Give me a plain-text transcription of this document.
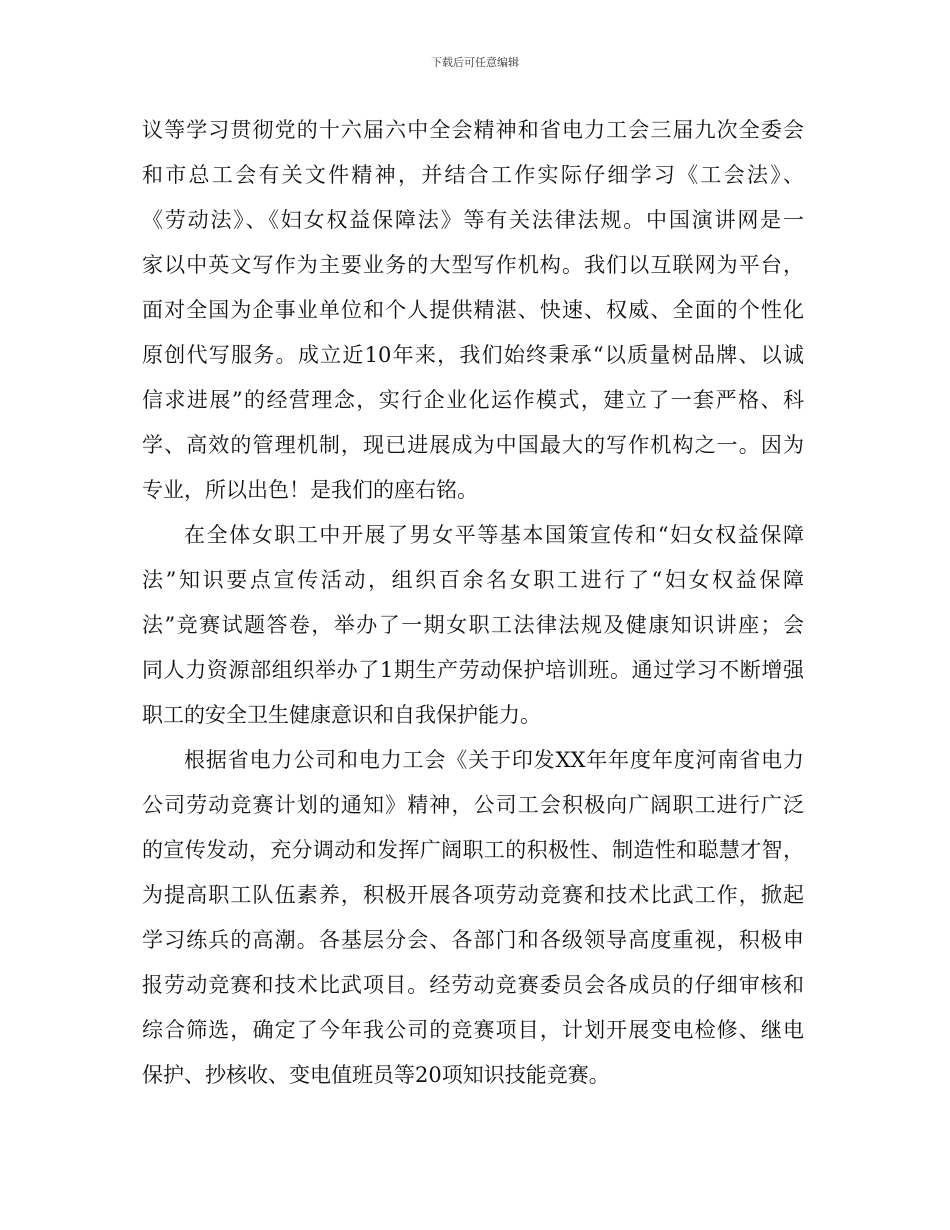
下载后可任意编辑
议等学习贯彻党的十六届六中全会精神和省电力工会三届九次全委会
和市总工会有关文件精神，并结合工作实际仔细学习《工会法》、
《劳动法》、《妇女权益保障法》等有关法律法规。中国演讲网是一
家以中英文写作为主要业务的大型写作机构。我们以互联网为平台，
面对全国为企事业单位和个人提供精湛、快速、权威、全面的个性化
原创代写服务。成立近10年来，我们始终秉承“以质量树品牌、以诚
信求进展”的经营理念，实行企业化运作模式，建立了一套严格、科
学、高效的管理机制，现已进展成为中国最大的写作机构之一。因为
专业，所以出色！是我们的座右铭。
在全体女职工中开展了男女平等基本国策宣传和“妇女权益保障
法”知识要点宣传活动，组织百余名女职工进行了“妇女权益保障
法”竞赛试题答卷，举办了一期女职工法律法规及健康知识讲座；会
同人力资源部组织举办了1期生产劳动保护培训班。通过学习不断增强
职工的安全卫生健康意识和自我保护能力。
根据省电力公司和电力工会《关于印发XX年年度年度河南省电力
公司劳动竞赛计划的通知》精神，公司工会积极向广阔职工进行广泛
的宣传发动，充分调动和发挥广阔职工的积极性、制造性和聪慧才智，
为提高职工队伍素养，积极开展各项劳动竞赛和技术比武工作，掀起
学习练兵的高潮。各基层分会、各部门和各级领导高度重视，积极申
报劳动竞赛和技术比武项目。经劳动竞赛委员会各成员的仔细审核和
综合筛选，确定了今年我公司的竞赛项目，计划开展变电检修、继电
保护、抄核收、变电值班员等20项知识技能竞赛。
